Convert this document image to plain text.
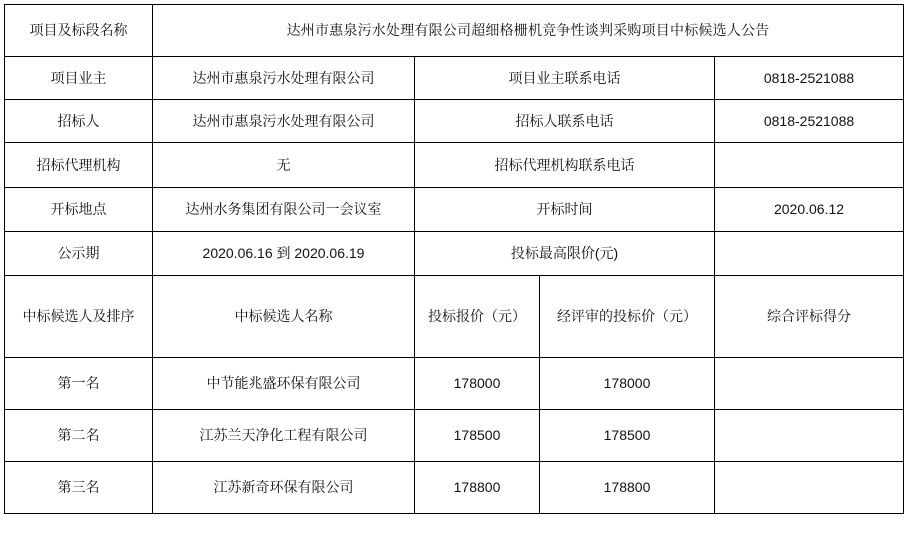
项目及标段名称	达州市惠泉污水处理有限公司超细格栅机竞争性谈判采购项目中标候选人公告			
项目业主	达州市惠泉污水处理有限公司	项目业主联系电话		0818-2521088
招标人	达州市惠泉污水处理有限公司	招标人联系电话		0818-2521088
招标代理机构	无	招标代理机构联系电话		
开标地点	达州水务集团有限公司一会议室	开标时间		2020.06.12
公示期	2020.06.16 到 2020.06.19	投标最高限价(元)		
中标候选人及排序	中标候选人名称	投标报价（元）	经评审的投标价（元）	综合评标得分
第一名	中节能兆盛环保有限公司	178000	178000	
第二名	江苏兰天净化工程有限公司	178500	178500	
第三名	江苏新奇环保有限公司	178800	178800	
